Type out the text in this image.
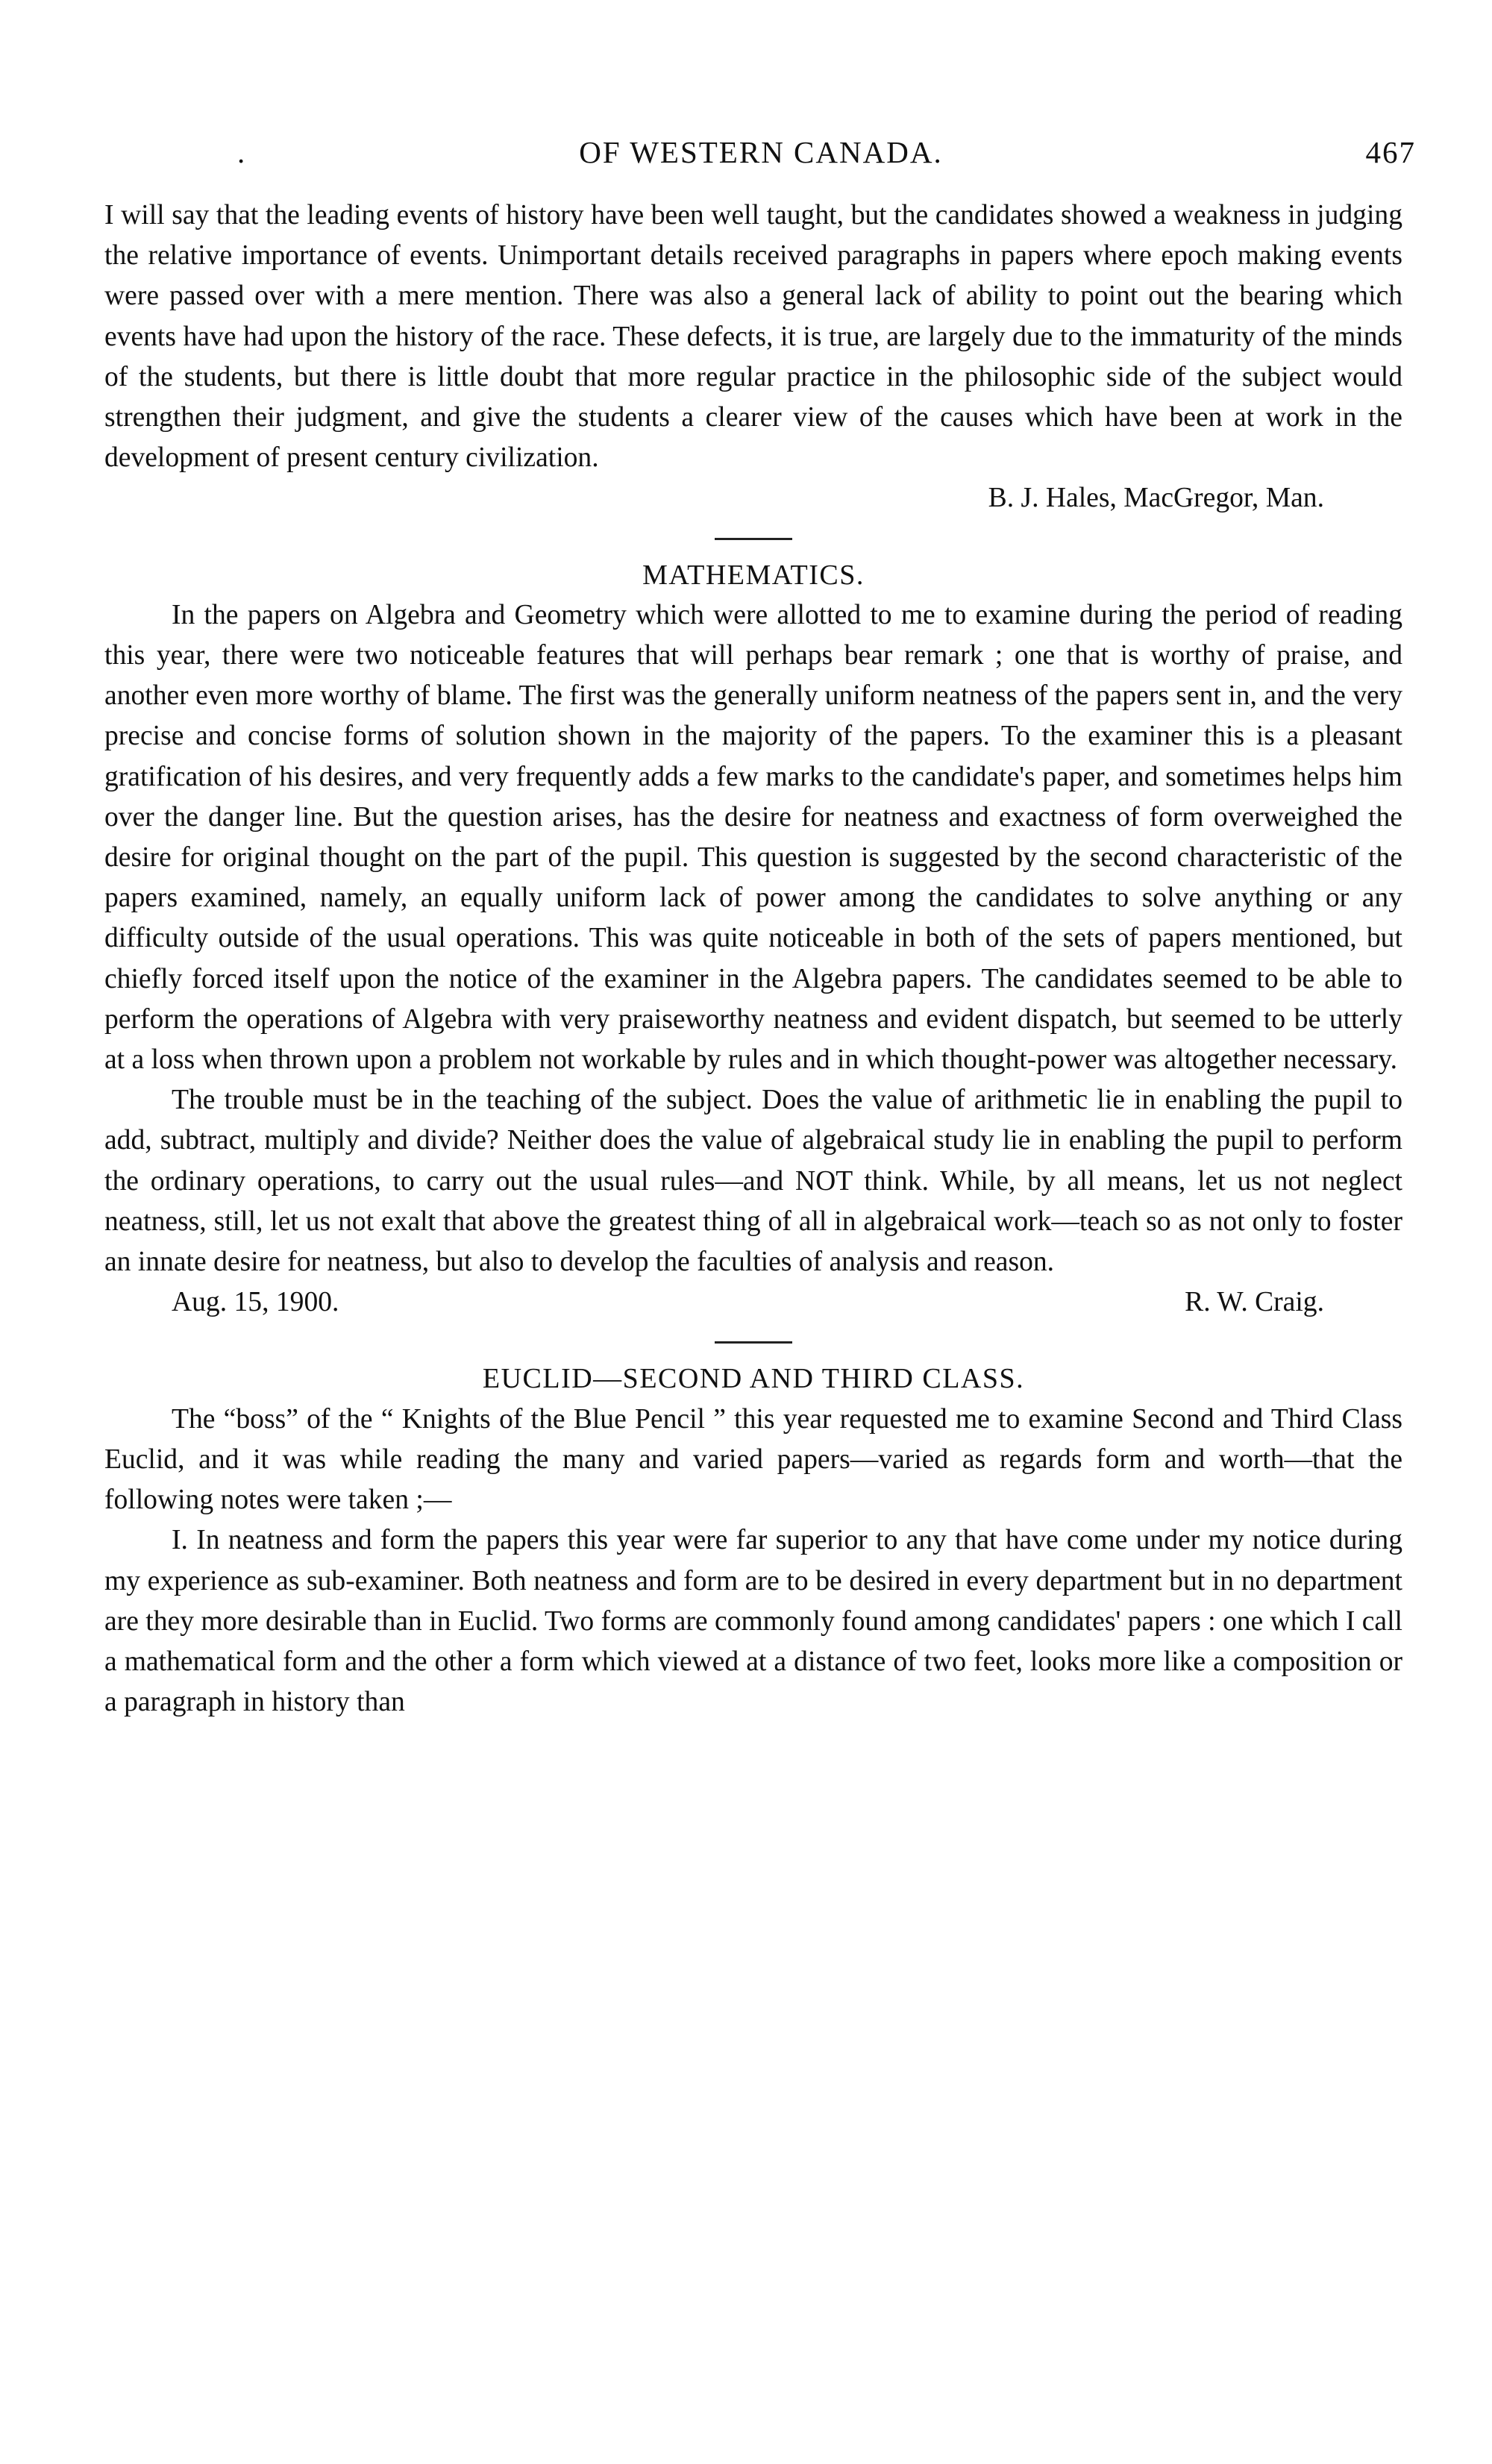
.	OF WESTERN CANADA.	467

I will say that the leading events of history have been well taught, but the candidates showed a weakness in judging the relative importance of events. Unimportant details received paragraphs in papers where epoch making events were passed over with a mere mention. There was also a general lack of ability to point out the bearing which events have had upon the history of the race. These defects, it is true, are largely due to the immaturity of the minds of the students, but there is little doubt that more regular practice in the philosophic side of the subject would strengthen their judgment, and give the students a clearer view of the causes which have been at work in the development of present century civilization.

B. J. Hales, MacGregor, Man.

MATHEMATICS.

In the papers on Algebra and Geometry which were allotted to me to examine during the period of reading this year, there were two noticeable features that will perhaps bear remark ; one that is worthy of praise, and another even more worthy of blame. The first was the generally uniform neatness of the papers sent in, and the very precise and concise forms of solution shown in the majority of the papers. To the examiner this is a pleasant gratification of his desires, and very frequently adds a few marks to the candidate's paper, and sometimes helps him over the danger line. But the question arises, has the desire for neatness and exactness of form overweighed the desire for original thought on the part of the pupil. This question is suggested by the second characteristic of the papers examined, namely, an equally uniform lack of power among the candidates to solve anything or any difficulty outside of the usual operations. This was quite noticeable in both of the sets of papers mentioned, but chiefly forced itself upon the notice of the examiner in the Algebra papers. The candidates seemed to be able to perform the operations of Algebra with very praiseworthy neatness and evident dispatch, but seemed to be utterly at a loss when thrown upon a problem not workable by rules and in which thought-power was altogether necessary.

The trouble must be in the teaching of the subject. Does the value of arithmetic lie in enabling the pupil to add, subtract, multiply and divide? Neither does the value of algebraical study lie in enabling the pupil to perform the ordinary operations, to carry out the usual rules—and NOT think. While, by all means, let us not neglect neatness, still, let us not exalt that above the greatest thing of all in algebraical work—teach so as not only to foster an innate desire for neatness, but also to develop the faculties of analysis and reason.

Aug. 15, 1900.	R. W. Craig.

EUCLID—SECOND AND THIRD CLASS.

The “boss” of the “ Knights of the Blue Pencil ” this year requested me to examine Second and Third Class Euclid, and it was while reading the many and varied papers—varied as regards form and worth—that the following notes were taken ;—

I. In neatness and form the papers this year were far superior to any that have come under my notice during my experience as sub-examiner. Both neatness and form are to be desired in every department but in no department are they more desirable than in Euclid. Two forms are commonly found among candidates' papers : one which I call a mathematical form and the other a form which viewed at a distance of two feet, looks more like a composition or a paragraph in history than
